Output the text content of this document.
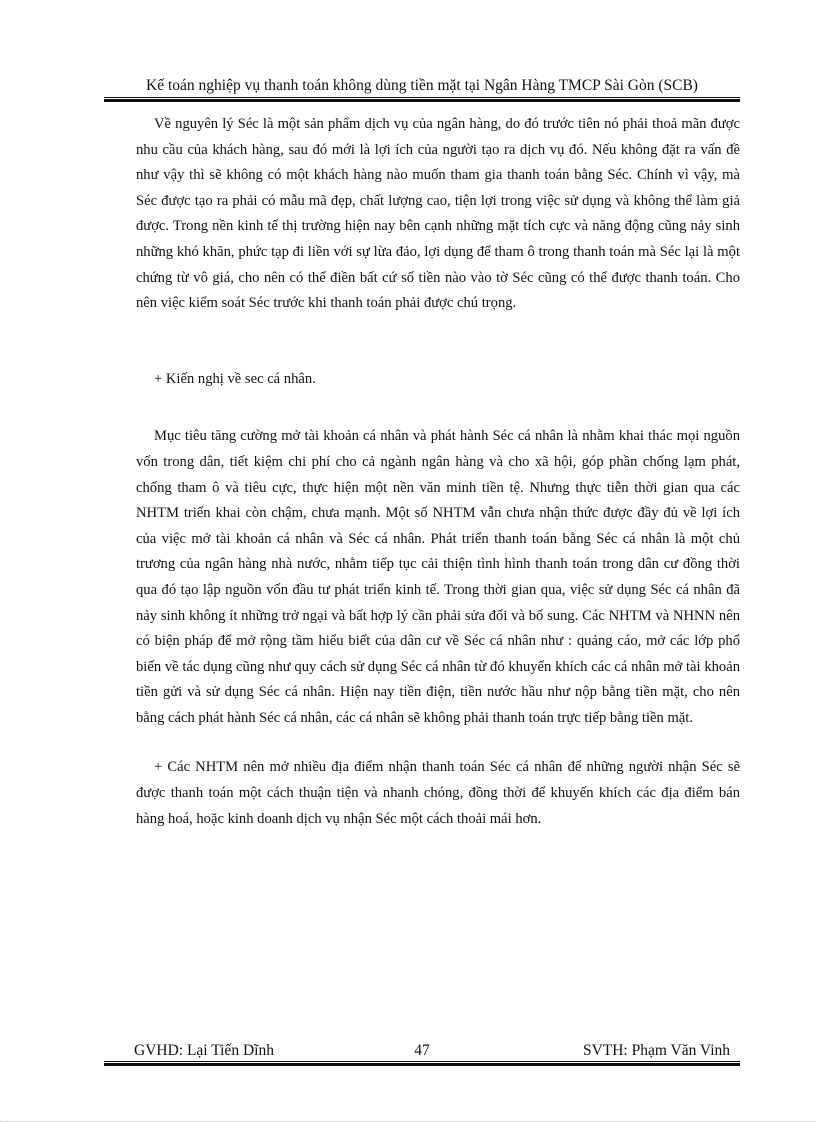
Kế toán nghiệp vụ thanh toán không dùng tiền mặt tại Ngân Hàng TMCP Sài Gòn (SCB)

Về nguyên lý Séc là một sản phẩm dịch vụ của ngân hàng, do đó trước tiên nó phải thoả mãn được nhu cầu của khách hàng, sau đó mới là lợi ích của người tạo ra dịch vụ đó. Nếu không đặt ra vấn đề như vậy thì sẽ không có một khách hàng nào muốn tham gia thanh toán bằng Séc. Chính vì vậy, mà Séc được tạo ra phải có mẫu mã đẹp, chất lượng cao, tiện lợi trong việc sử dụng và không thể làm giả được. Trong nền kinh tế thị trường hiện nay bên cạnh những mặt tích cực và năng động cũng nảy sinh những khó khăn, phức tạp đi liền với sự lừa đảo, lợi dụng để tham ô trong thanh toán mà Séc lại là một chứng từ vô giá, cho nên có thể điền bất cứ số tiền nào vào tờ Séc cũng có thể được thanh toán. Cho nên việc kiểm soát Séc trước khi thanh toán phải được chú trọng.

+ Kiến nghị về sec cá nhân.

Mục tiêu tăng cường mở tài khoản cá nhân và phát hành Séc cá nhân là nhằm khai thác mọi nguồn vốn trong dân, tiết kiệm chi phí cho cả ngành ngân hàng và cho xã hội, góp phần chống lạm phát, chống tham ô và tiêu cực, thực hiện một nền văn minh tiền tệ. Nhưng thực tiễn thời gian qua các NHTM triển khai còn chậm, chưa mạnh. Một số NHTM vẫn chưa nhận thức được đầy đủ về lợi ích của việc mở tài khoản cá nhân và Séc cá nhân. Phát triển thanh toán bằng Séc cá nhân là một chủ trương của ngân hàng nhà nước, nhằm tiếp tục cải thiện tình hình thanh toán trong dân cư đồng thời qua đó tạo lập nguồn vốn đầu tư phát triển kinh tế. Trong thời gian qua, việc sử dụng Séc cá nhân đã nảy sinh không ít những trở ngại và bất hợp lý cần phải sửa đổi và bổ sung. Các NHTM và NHNN nên có biện pháp để mở rộng tầm hiểu biết của dân cư về Séc cá nhân như : quảng cáo, mở các lớp phổ biến về tác dụng cũng như quy cách sử dụng Séc cá nhân từ đó khuyến khích các cá nhân mở tài khoản tiền gửi và sử dụng Séc cá nhân. Hiện nay tiền điện, tiền nước hầu như nộp bằng tiền mặt, cho nên bằng cách phát hành Séc cá nhân, các cá nhân sẽ không phải thanh toán trực tiếp bằng tiền mặt.

+ Các NHTM nên mở nhiều địa điểm nhận thanh toán Séc cá nhân để những người nhận Séc sẽ được thanh toán một cách thuận tiện và nhanh chóng, đồng thời để khuyến khích các địa điểm bán hàng hoá, hoặc kinh doanh dịch vụ nhận Séc một cách thoải mái hơn.

GVHD: Lại Tiến Dĩnh	47	SVTH: Phạm Văn Vinh
